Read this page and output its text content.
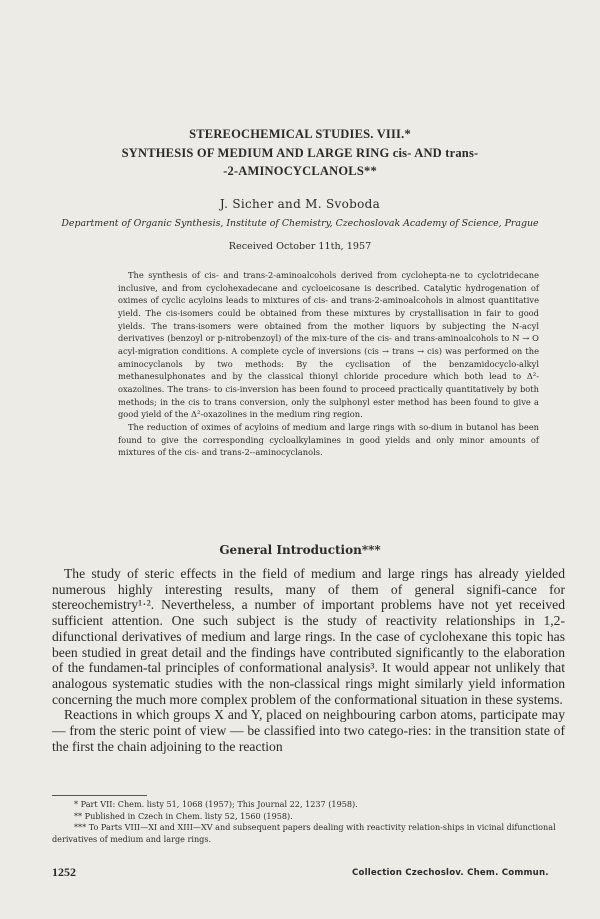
STEREOCHEMICAL STUDIES. VIII.*
SYNTHESIS OF MEDIUM AND LARGE RING cis- AND trans-
-2-AMINOCYCLANOLS**
J. Sicher and M. Svoboda
Department of Organic Synthesis, Institute of Chemistry, Czechoslovak Academy of Science, Prague
Received October 11th, 1957

The synthesis of cis- and trans-2-aminoalcohols derived from cyclohepta-ne to cyclotridecane inclusive, and from cyclohexadecane and cycloeicosane is described. Catalytic hydrogenation of oximes of cyclic acyloins leads to mixtures of cis- and trans-2-aminoalcohols in almost quantitative yield. The cis-isomers could be obtained from these mixtures by crystallisation in fair to good yields. The trans-isomers were obtained from the mother liquors by subjecting the N-acyl derivatives (benzoyl or p-nitrobenzoyl) of the mix-ture of the cis- and trans-aminoalcohols to N → O acyl-migration conditions. A complete cycle of inversions (cis → trans → cis) was performed on the aminocyclanols by two methods: By the cyclisation of the benzamidocyclo-alkyl methanesulphonates and by the classical thionyl chloride procedure which both lead to Δ²-oxazolines. The trans- to cis-inversion has been found to proceed practically quantitatively by both methods; in the cis to trans conversion, only the sulphonyl ester method has been found to give a good yield of the Δ²-oxazolines in the medium ring region.

The reduction of oximes of acyloins of medium and large rings with so-dium in butanol has been found to give the corresponding cycloalkylamines in good yields and only minor amounts of mixtures of the cis- and trans-2--aminocyclanols.

General Introduction***

The study of steric effects in the field of medium and large rings has already yielded numerous highly interesting results, many of them of general signifi-cance for stereochemistry¹·². Nevertheless, a number of important problems have not yet received sufficient attention. One such subject is the study of reactivity relationships in 1,2-difunctional derivatives of medium and large rings. In the case of cyclohexane this topic has been studied in great detail and the findings have contributed significantly to the elaboration of the fundamen-tal principles of conformational analysis³. It would appear not unlikely that analogous systematic studies with the non-classical rings might similarly yield information concerning the much more complex problem of the conformational situation in these systems.

Reactions in which groups X and Y, placed on neighbouring carbon atoms, participate may — from the steric point of view — be classified into two catego-ries: in the transition state of the first the chain adjoining to the reaction

* Part VII: Chem. listy 51, 1068 (1957); This Journal 22, 1237 (1958).
** Published in Czech in Chem. listy 52, 1560 (1958).
*** To Parts VIII—XI and XIII—XV and subsequent papers dealing with reactivity relation-ships in vicinal difunctional derivatives of medium and large rings.
1252	Collection Czechoslov. Chem. Commun.
